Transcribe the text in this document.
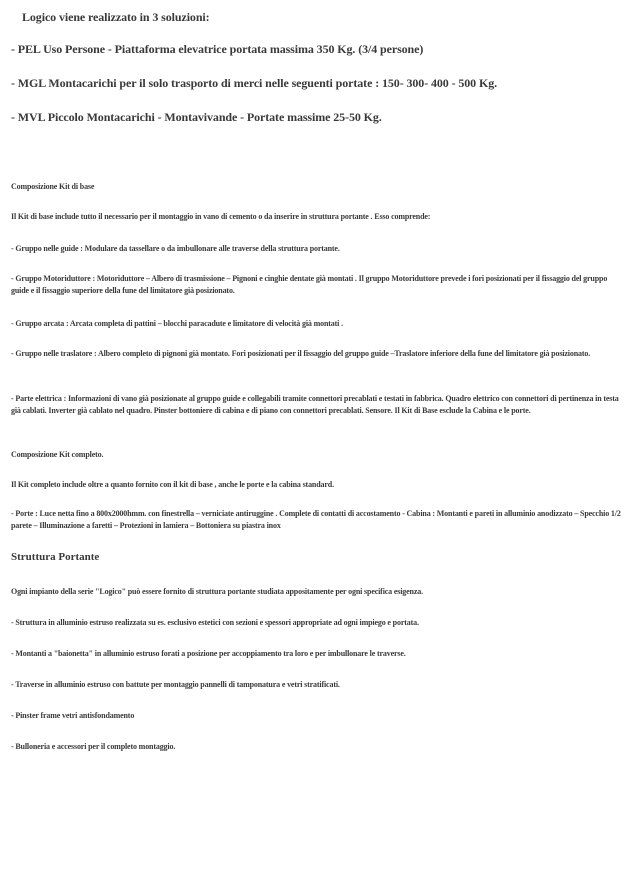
Logico viene realizzato in 3 soluzioni:
- PEL Uso Persone - Piattaforma elevatrice portata massima 350 Kg. (3/4 persone)
- MGL Montacarichi per il solo trasporto di merci nelle seguenti portate : 150- 300- 400 - 500 Kg.
- MVL Piccolo Montacarichi - Montavivande - Portate massime 25-50 Kg.
Composizione Kit di base
Il Kit di base include tutto il necessario per il montaggio in vano di cemento o da inserire in struttura portante . Esso comprende:
- Gruppo nelle guide : Modulare da tassellare o da imbullonare alle traverse della struttura portante.
- Gruppo Motoriduttore : Motoriduttore – Albero di trasmissione – Pignoni e cinghie dentate già montati . Il gruppo Motoriduttore prevede i fori posizionati per il fissaggio del gruppo guide e il fissaggio superiore della fune del limitatore già posizionato.
- Gruppo arcata : Arcata completa di pattini – blocchi paracadute e limitatore di velocità già montati .
- Gruppo nelle traslatore : Albero completo di pignoni già montato. Fori posizionati per il fissaggio del gruppo guide –Traslatore inferiore della fune del limitatore già posizionato.
- Parte elettrica : Informazioni di vano già posizionate al gruppo guide e collegabili tramite connettori precablati e testati in fabbrica. Quadro elettrico con connettori di pertinenza in testa già cablati. Inverter già cablato nel quadro. Pinster bottoniere di cabina e di piano con connettori precablati. Sensore. Il Kit di Base esclude la Cabina e le porte.
Composizione Kit completo.
Il Kit completo include oltre a quanto fornito con il kit di base , anche le porte e la cabina standard.
- Porte : Luce netta fino a 800x2000hmm. con finestrella – verniciate antiruggine . Complete di contatti di accostamento - Cabina : Montanti e pareti in alluminio anodizzato – Specchio 1/2 parete – Illuminazione a faretti – Protezioni in lamiera – Bottoniera su piastra inox
Struttura Portante
Ogni impianto della serie "Logico" può essere fornito di struttura portante studiata appositamente per ogni specifica esigenza.
- Struttura in alluminio estruso realizzata su es. esclusivo estetici con sezioni e spessori appropriate ad ogni impiego e portata.
- Montanti a "baionetta" in alluminio estruso forati a posizione per accoppiamento tra loro e per imbullonare le traverse.
- Traverse in alluminio estruso con battute per montaggio pannelli di tamponatura e vetri stratificati.
- Pinster frame vetri antisfondamento
- Bulloneria e accessori per il completo montaggio.
